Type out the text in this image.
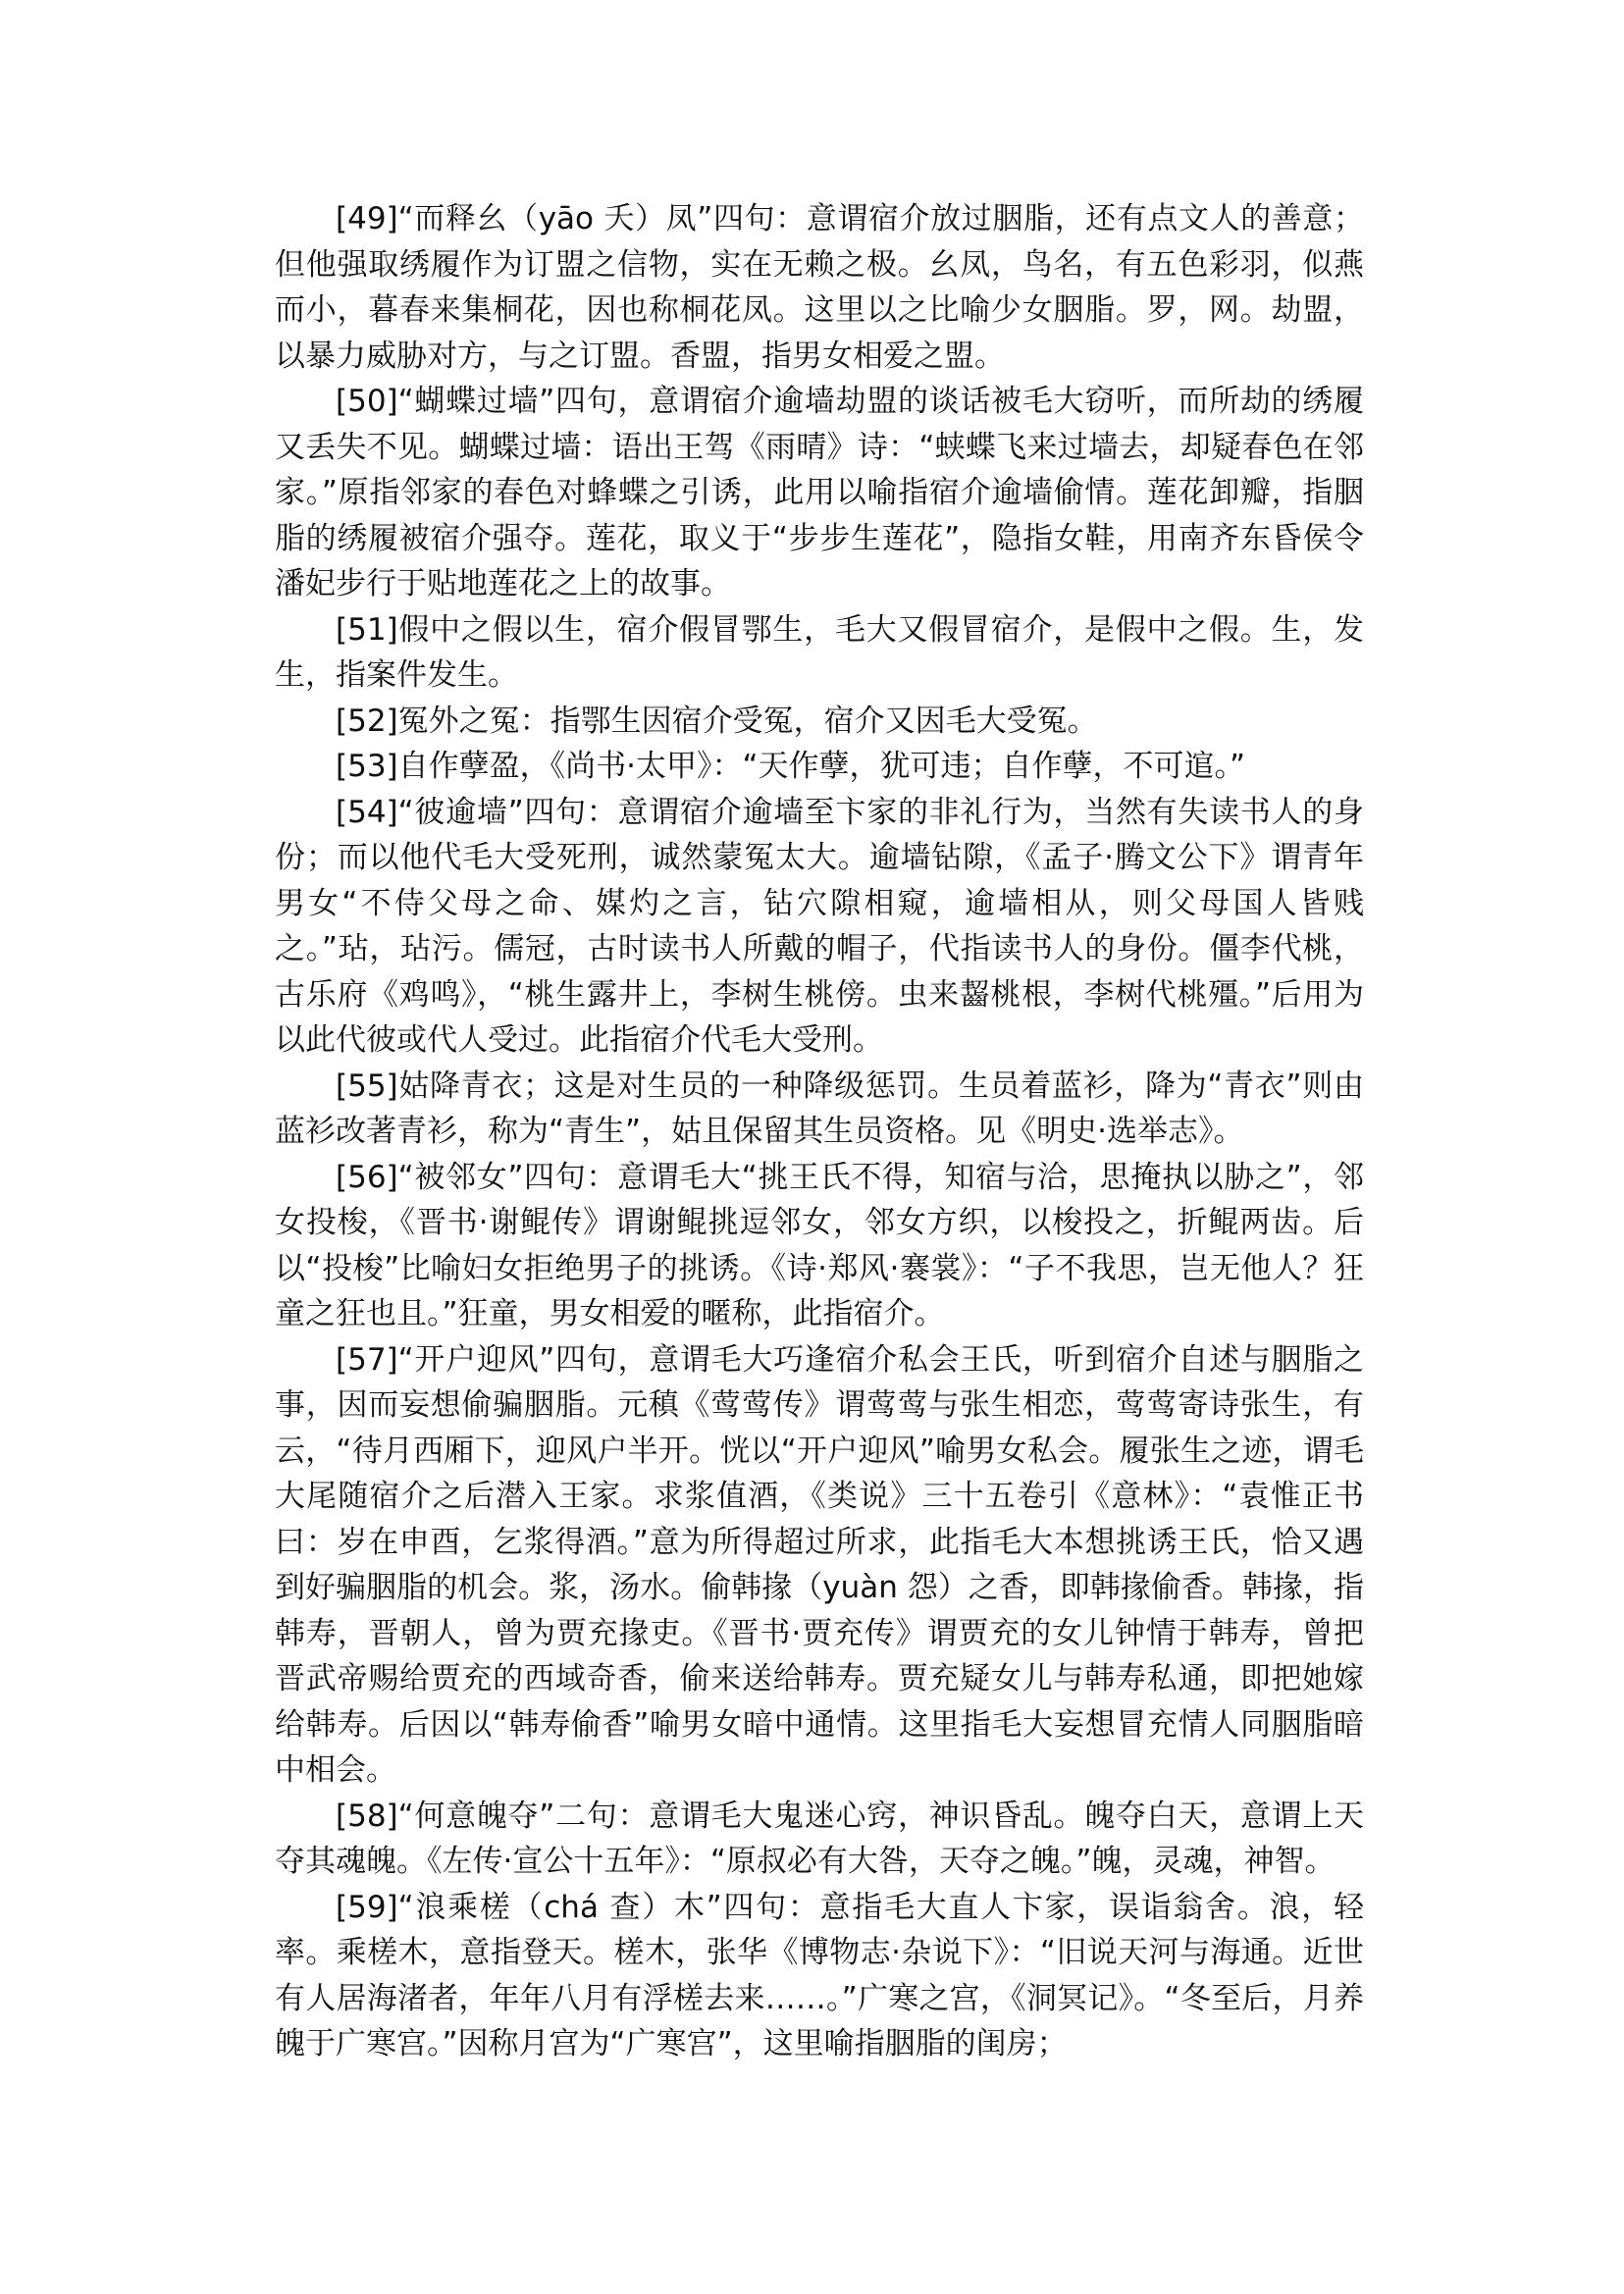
[49]“而释幺（yāo 夭）凤”四句：意谓宿介放过胭脂，还有点文人的善意；但他强取绣履作为订盟之信物，实在无赖之极。幺凤，鸟名，有五色彩羽，似燕而小，暮春来集桐花，因也称桐花凤。这里以之比喻少女胭脂。罗，网。劫盟，以暴力威胁对方，与之订盟。香盟，指男女相爱之盟。

[50]“蝴蝶过墙”四句，意谓宿介逾墙劫盟的谈话被毛大窃听，而所劫的绣履又丢失不见。蝴蝶过墙：语出王驾《雨晴》诗：“蛱蝶飞来过墙去，却疑春色在邻家。”原指邻家的春色对蜂蝶之引诱，此用以喻指宿介逾墙偷情。莲花卸瓣，指胭脂的绣履被宿介强夺。莲花，取义于“步步生莲花”，隐指女鞋，用南齐东昏侯令潘妃步行于贴地莲花之上的故事。

[51]假中之假以生，宿介假冒鄂生，毛大又假冒宿介，是假中之假。生，发生，指案件发生。

[52]冤外之冤：指鄂生因宿介受冤，宿介又因毛大受冤。

[53]自作孽盈，《尚书·太甲》：“天作孽，犹可违；自作孽，不可逭。”

[54]“彼逾墙”四句：意谓宿介逾墙至卞家的非礼行为，当然有失读书人的身份；而以他代毛大受死刑，诚然蒙冤太大。逾墙钻隙，《孟子·腾文公下》谓青年男女“不侍父母之命、媒灼之言，钻穴隙相窥，逾墙相从，则父母国人皆贱之。”玷，玷污。儒冠，古时读书人所戴的帽子，代指读书人的身份。僵李代桃，古乐府《鸡鸣》，“桃生露井上，李树生桃傍。虫来齧桃根，李树代桃殭。”后用为以此代彼或代人受过。此指宿介代毛大受刑。

[55]姑降青衣；这是对生员的一种降级惩罚。生员着蓝衫，降为“青衣”则由蓝衫改著青衫，称为“青生”，姑且保留其生员资格。见《明史·选举志》。

[56]“被邻女”四句：意谓毛大“挑王氏不得，知宿与洽，思掩执以胁之”，邻女投梭，《晋书·谢鲲传》谓谢鲲挑逗邻女，邻女方织，以梭投之，折鲲两齿。后以“投梭”比喻妇女拒绝男子的挑诱。《诗·郑风·褰裳》：“子不我思，岂无他人？狂童之狂也且。”狂童，男女相爱的暱称，此指宿介。

[57]“开户迎风”四句，意谓毛大巧逢宿介私会王氏，听到宿介自述与胭脂之事，因而妄想偷骗胭脂。元稹《莺莺传》谓莺莺与张生相恋，莺莺寄诗张生，有云，“待月西厢下，迎风户半开。恍以“开户迎风”喻男女私会。履张生之迹，谓毛大尾随宿介之后潜入王家。求浆值酒，《类说》三十五卷引《意林》：“袁惟正书曰：岁在申酉，乞浆得酒。”意为所得超过所求，此指毛大本想挑诱王氏，恰又遇到好骗胭脂的机会。浆，汤水。偷韩掾（yuàn 怨）之香，即韩掾偷香。韩掾，指韩寿，晋朝人，曾为贾充掾吏。《晋书·贾充传》谓贾充的女儿钟情于韩寿，曾把晋武帝赐给贾充的西域奇香，偷来送给韩寿。贾充疑女儿与韩寿私通，即把她嫁给韩寿。后因以“韩寿偷香”喻男女暗中通情。这里指毛大妄想冒充情人同胭脂暗中相会。

[58]“何意魄夺”二句：意谓毛大鬼迷心窍，神识昏乱。魄夺白天，意谓上天夺其魂魄。《左传·宣公十五年》：“原叔必有大咎，天夺之魄。”魄，灵魂，神智。

[59]“浪乘槎（chá 查）木”四句：意指毛大直人卞家，误诣翁舍。浪，轻率。乘槎木，意指登天。槎木，张华《博物志·杂说下》：“旧说天河与海通。近世有人居海渚者，年年八月有浮槎去来……。”广寒之宫，《洞冥记》。“冬至后，月养魄于广寒宫。”因称月宫为“广寒宫”，这里喻指胭脂的闺房；
